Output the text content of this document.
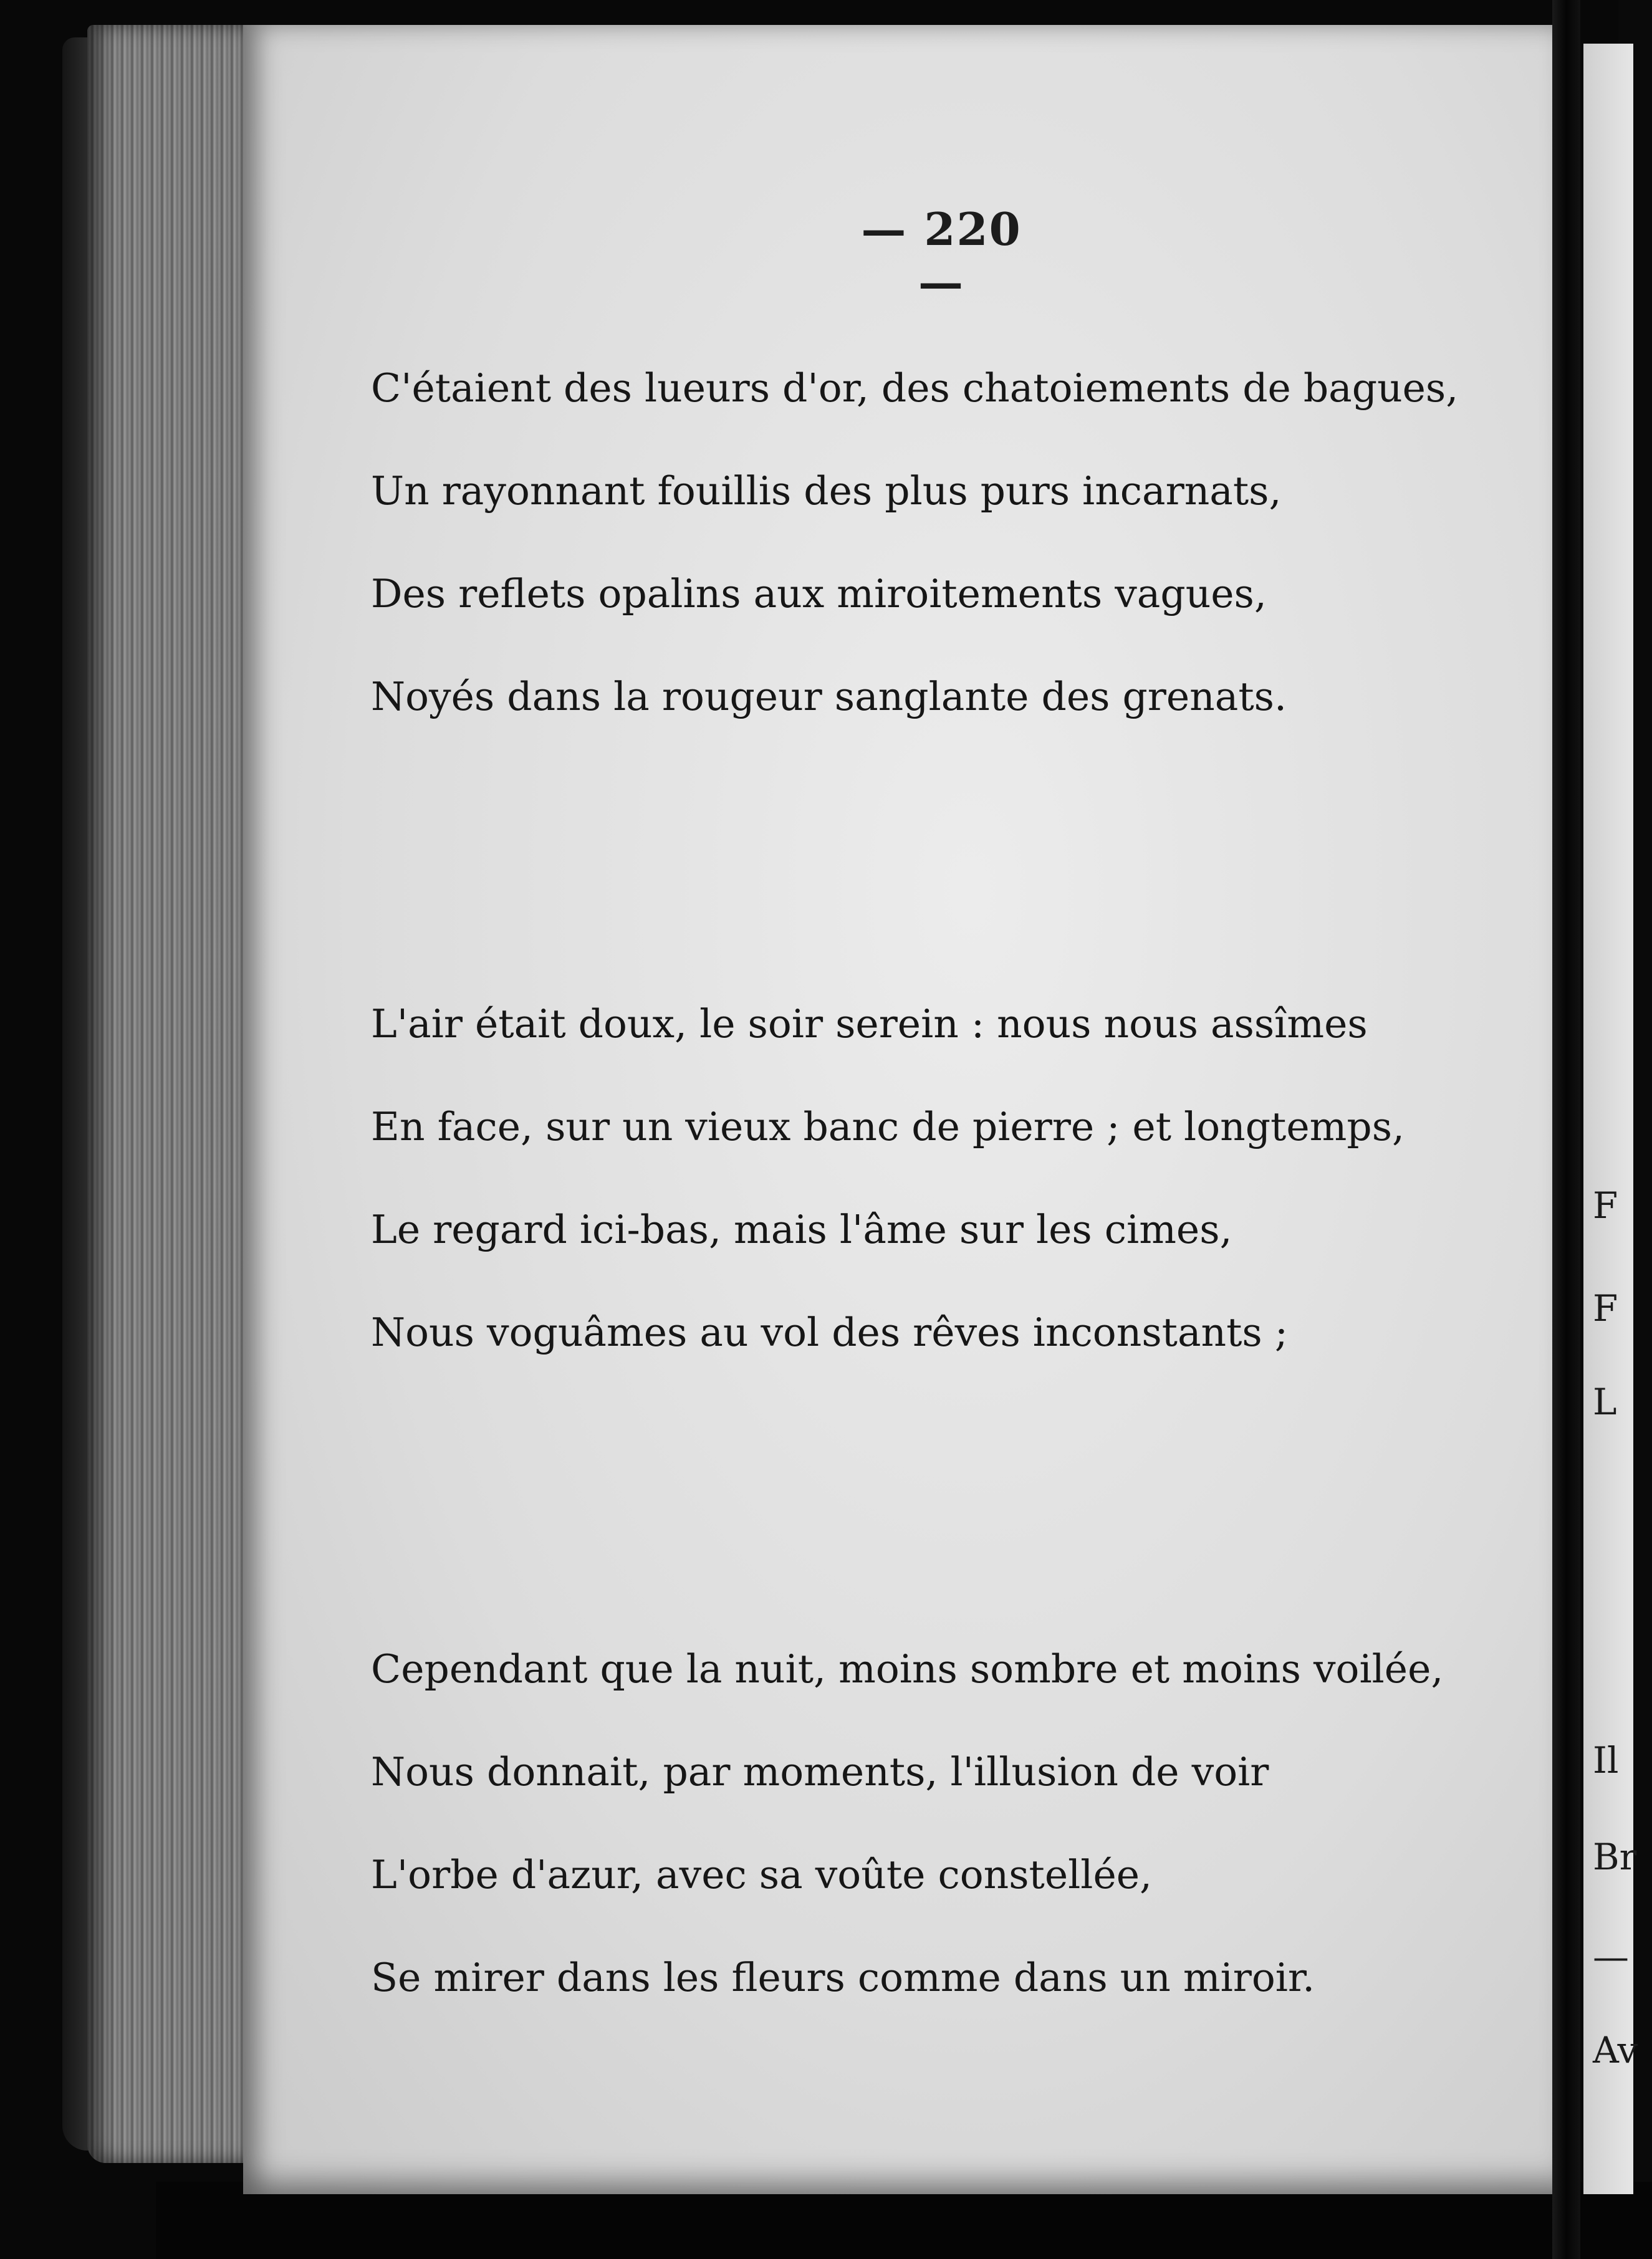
— 220 —
C'étaient des lueurs d'or, des chatoiements de bagues,
Un rayonnant fouillis des plus purs incarnats,
Des reflets opalins aux miroitements vagues,
Noyés dans la rougeur sanglante des grenats.
L'air était doux, le soir serein : nous nous assîmes
En face, sur un vieux banc de pierre ; et longtemps,
Le regard ici-bas, mais l'âme sur les cimes,
Nous voguâmes au vol des rêves inconstants ;
Cependant que la nuit, moins sombre et moins voilée,
Nous donnait, par moments, l'illusion de voir
L'orbe d'azur, avec sa voûte constellée,
Se mirer dans les fleurs comme dans un miroir.
F
F
L
Il
Br
—
Av
